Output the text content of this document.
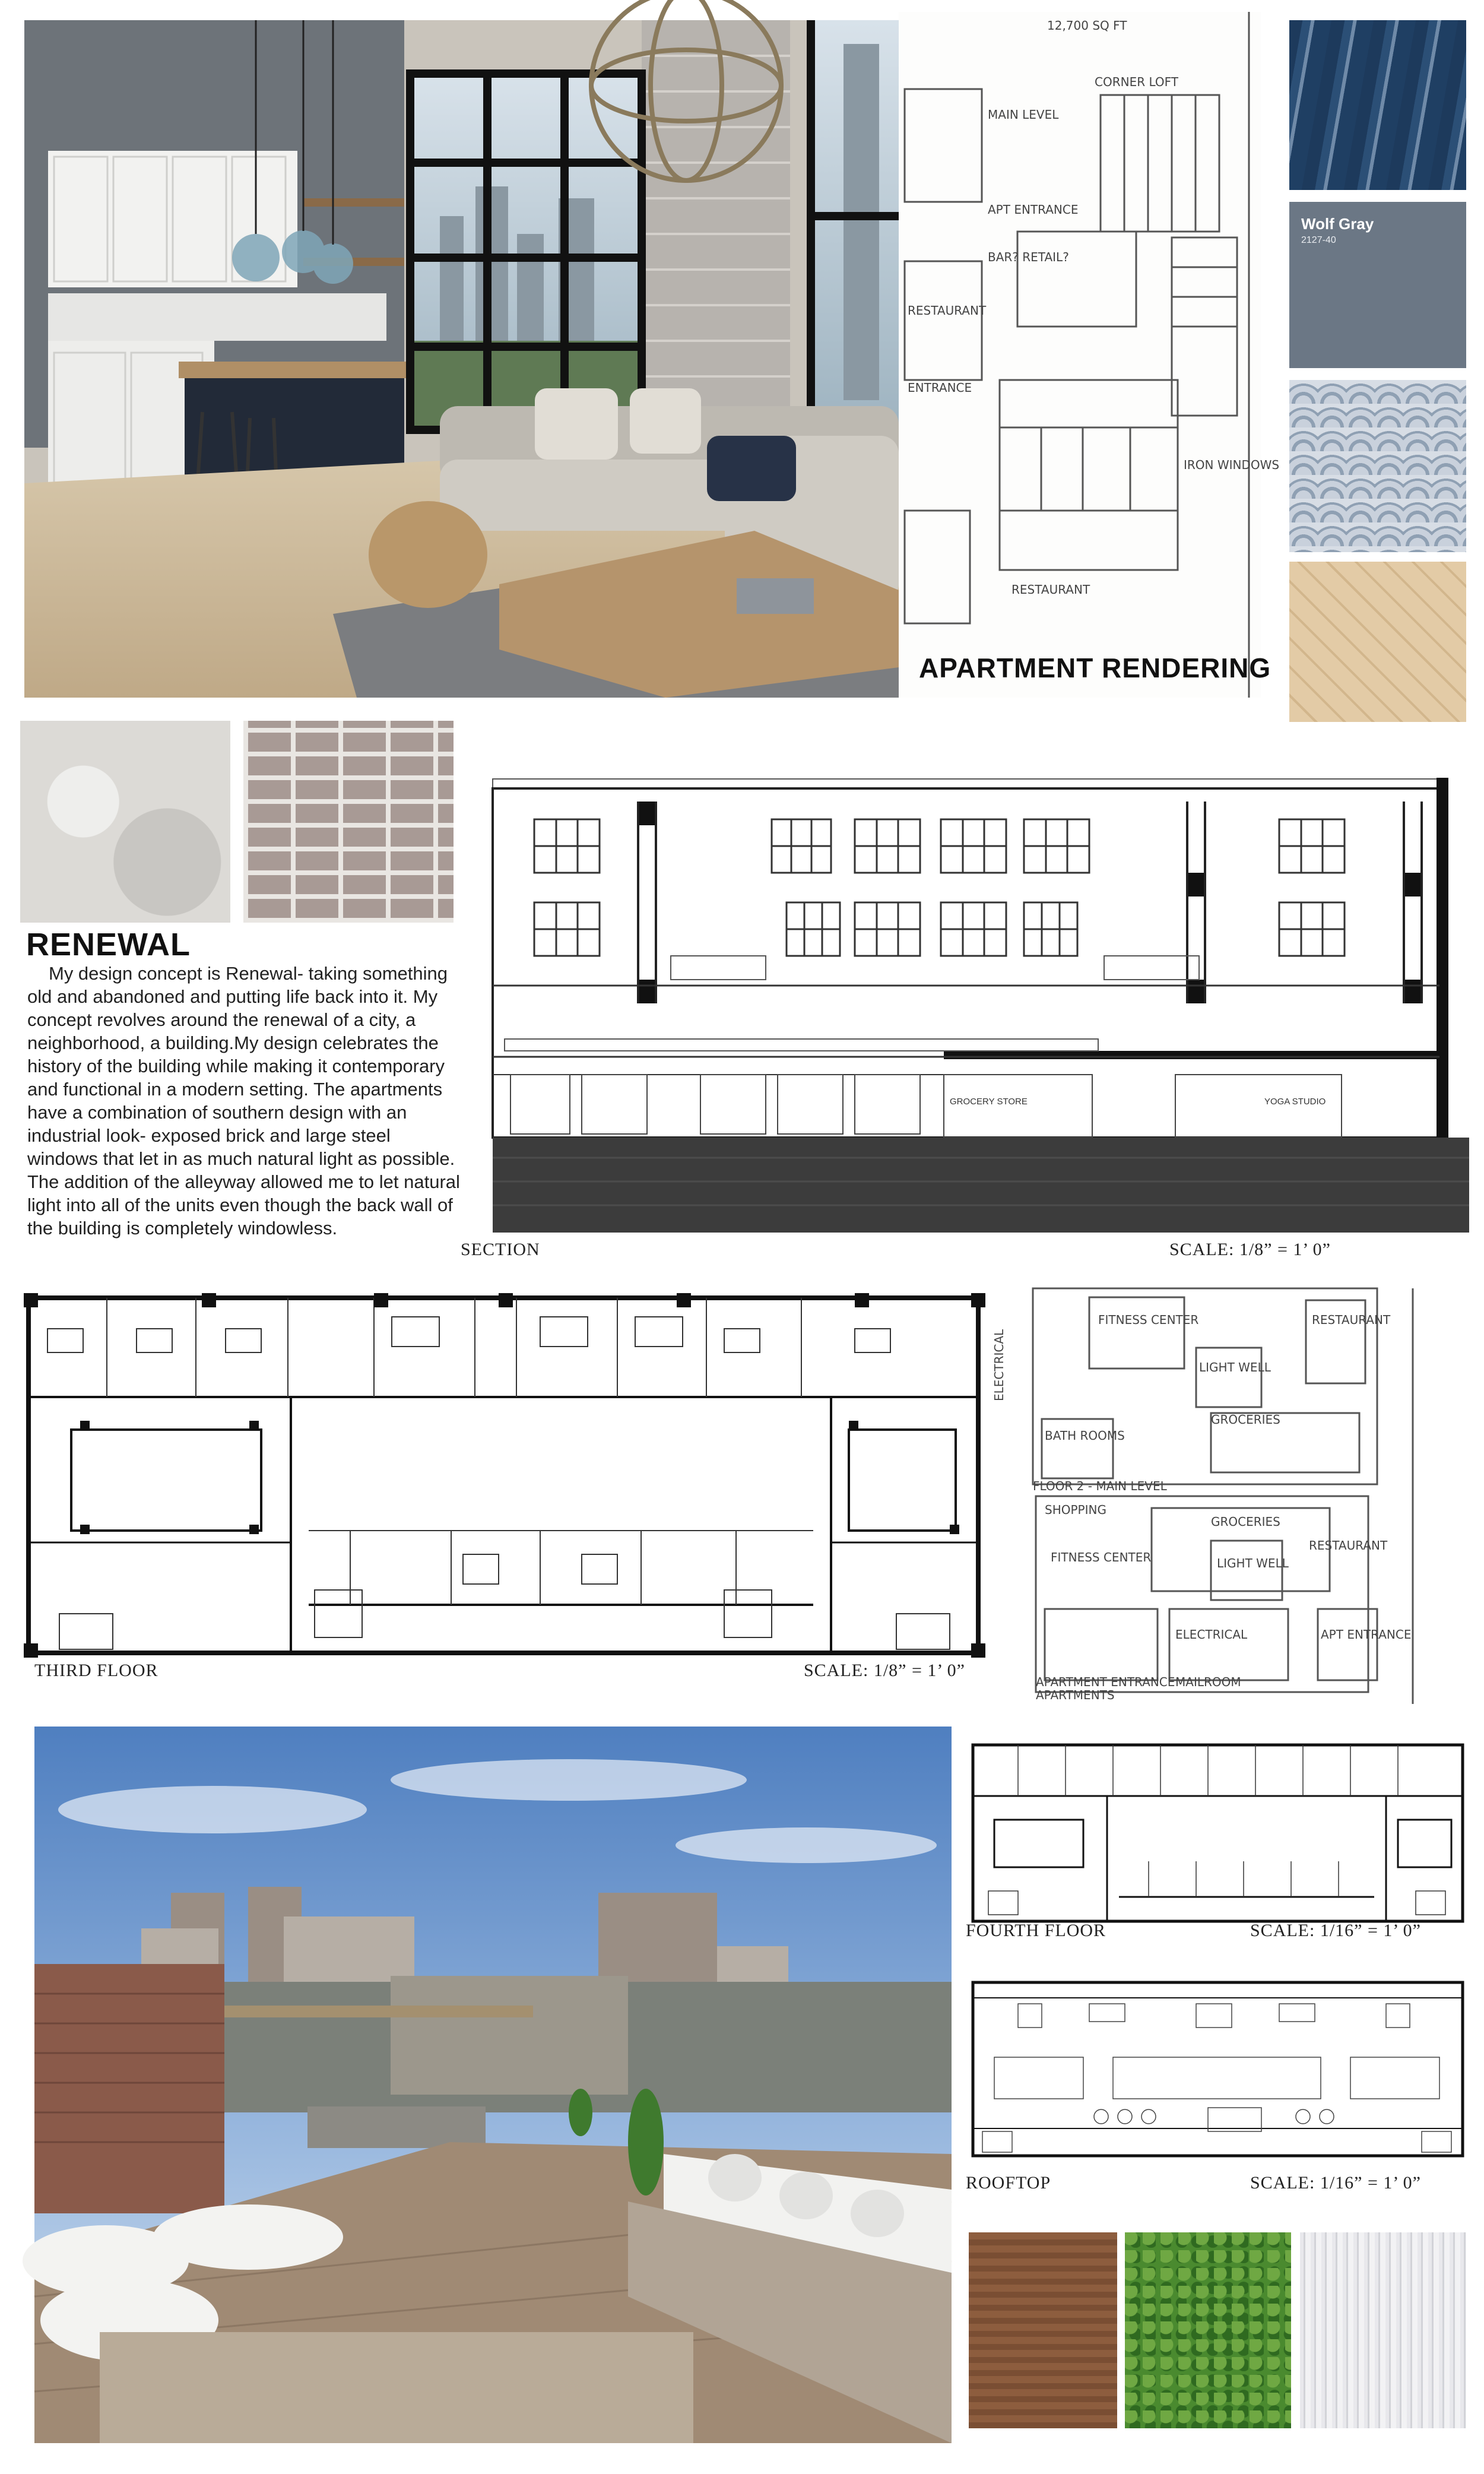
12,700 SQ FT
CORNER LOFT
MAIN LEVEL
APT ENTRANCE
BAR? RETAIL?
RESTAURANT
ENTRANCE
IRON WINDOWS
RESTAURANT
APARTMENT RENDERING
Wolf Gray
2127-40
RENEWAL
My design concept is Renewal- taking something old and abandoned and putting life back into it. My concept revolves around the renewal of a city, a neighborhood, a building.My design celebrates the history of the building while making it contemporary and functional in a modern setting. The apartments have a combination of southern design with an industrial look- exposed brick and large steel windows that let in as much natural light as possible. The addition of the alleyway allowed me to let natural light into all of the units even though the back wall of the building is completely windowless.
GROCERY STORE	YOGA STUDIO
SECTION	SCALE: 1/8” = 1’ 0”
THIRD FLOOR	SCALE: 1/8” = 1’ 0”
FITNESS CENTER	RESTAURANT
LIGHT WELL
GROCERIES
ELECTRICAL
BATH ROOMS
FLOOR 2 - MAIN LEVEL
SHOPPING
GROCERIES
LIGHT WELL
RESTAURANT
FITNESS CENTER
ELECTRICAL	APT ENTRANCE
APARTMENT ENTRANCE MAILROOM
APARTMENTS
FOURTH FLOOR	SCALE: 1/16” = 1’ 0”
ROOFTOP	SCALE: 1/16” = 1’ 0”
